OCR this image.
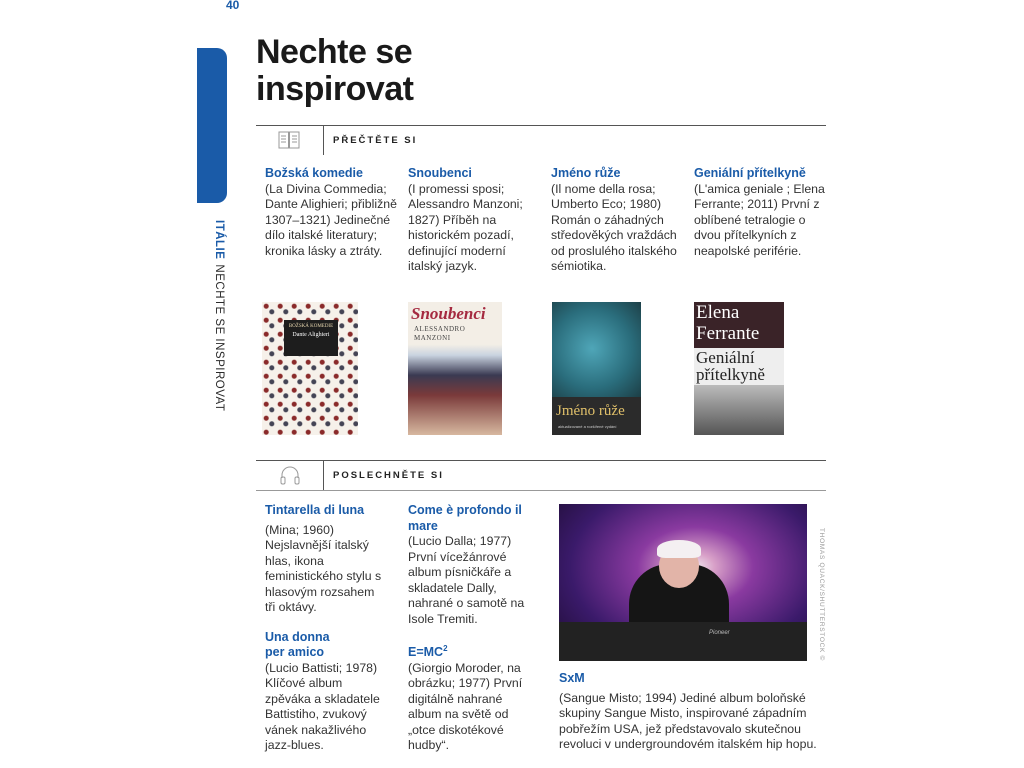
40
ITÁLIENECHTE SE INSPIROVAT
Nechte se
inspirovat
PŘEČTĚTE SI
Božská komedie

(La Divina Commedia; Dante Alighieri; přibližně 1307–1321) Jedinečné dílo italské literatury; kronika lásky a ztráty.

Snoubenci

(I promessi sposi; Alessandro Manzoni; 1827) Příběh na historickém pozadí, definující moderní italský jazyk.

Jméno růže

(Il nome della rosa; Umberto Eco; 1980) Román o záhadných středověkých vraždách od proslulého italského sémiotika.

Geniální přítelkyně

(L'amica geniale ; Elena Ferrante; 2011) První z oblíbené tetralogie o dvou přítelkyních z neapolské periférie.

BOŽSKÁ KOMEDIE
Dante Alighieri
Snoubenci
ALESSANDRO MANZONI
Jméno růže
aktualizované a rozšířené vydání
Elena Ferrante
Geniální přítelkyně
POSLECHNĚTE SI
Tintarella di luna

(Mina; 1960) Nejslavnější italský hlas, ikona feministického stylu s hlasovým rozsahem tři oktávy.

Una donna per amico

(Lucio Battisti; 1978) Klíčové album zpěváka a skladatele Battistiho, zvukový vánek nakažlivého jazz-blues.

Come è profondo il mare

(Lucio Dalla; 1977) První vícežánrové album písničkáře a skladatele Dally, nahrané o samotě na Isole Tremiti.

$E=MC^2$

(Giorgio Moroder, na obrázku; 1977) První digitálně nahrané album na světě od „otce diskotékové hudby“.

Pioneer	THOMAS QUACK/SHUTTERSTOCK ©
SxM

(Sangue Misto; 1994) Jediné album boloňské skupiny Sangue Misto, inspirované západním pobřežím USA, jež představovalo skutečnou revoluci v undergroundovém italském hip hopu.
